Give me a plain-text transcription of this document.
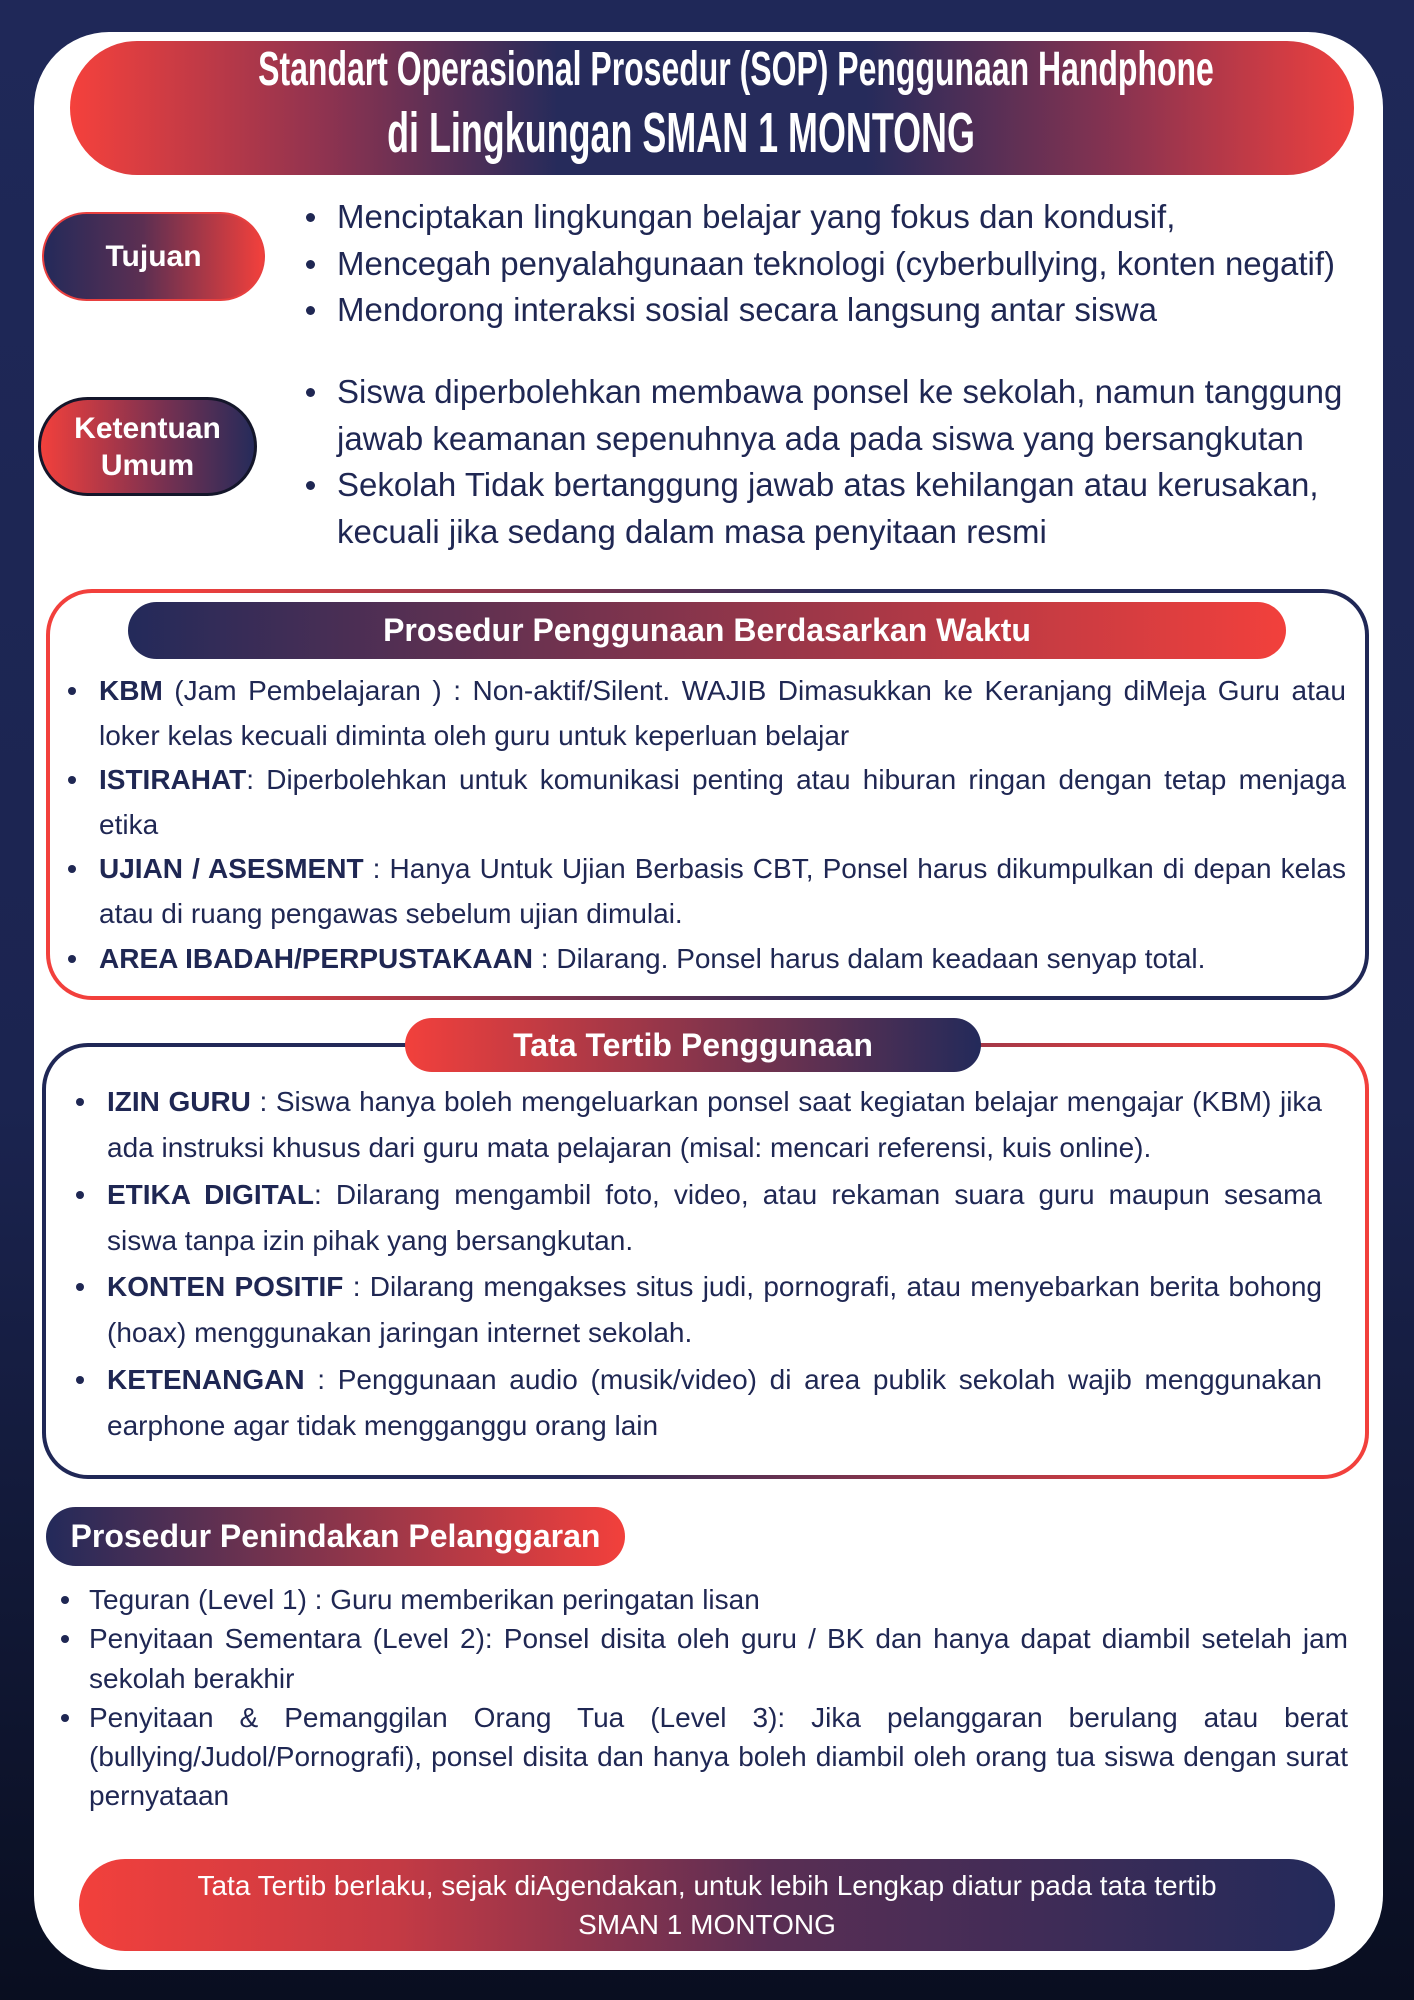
Standart Operasional Prosedur (SOP) Penggunaan Handphone
di Lingkungan SMAN 1 MONTONG
Tujuan
Menciptakan lingkungan belajar yang fokus dan kondusif,
Mencegah penyalahgunaan teknologi (cyberbullying, konten negatif)
Mendorong interaksi sosial secara langsung antar siswa
Ketentuan Umum
Siswa diperbolehkan membawa ponsel ke sekolah, namun tanggung jawab keamanan sepenuhnya ada pada siswa yang bersangkutan
Sekolah Tidak bertanggung jawab atas kehilangan atau kerusakan, kecuali jika sedang dalam masa penyitaan resmi
Prosedur Penggunaan Berdasarkan Waktu
KBM (Jam Pembelajaran ) : Non-aktif/Silent. WAJIB Dimasukkan ke Keranjang diMeja Guru atau loker kelas kecuali diminta oleh guru untuk keperluan belajar
ISTIRAHAT: Diperbolehkan untuk komunikasi penting atau hiburan ringan dengan tetap menjaga etika
UJIAN / ASESMENT : Hanya Untuk Ujian Berbasis CBT, Ponsel harus dikumpulkan di depan kelas atau di ruang pengawas sebelum ujian dimulai.
AREA IBADAH/PERPUSTAKAAN : Dilarang. Ponsel harus dalam keadaan senyap total.
Tata Tertib Penggunaan
IZIN GURU : Siswa hanya boleh mengeluarkan ponsel saat kegiatan belajar mengajar (KBM) jika ada instruksi khusus dari guru mata pelajaran (misal: mencari referensi, kuis online).
ETIKA DIGITAL: Dilarang mengambil foto, video, atau rekaman suara guru maupun sesama siswa tanpa izin pihak yang bersangkutan.
KONTEN POSITIF : Dilarang mengakses situs judi, pornografi, atau menyebarkan berita bohong (hoax) menggunakan jaringan internet sekolah.
KETENANGAN : Penggunaan audio (musik/video) di area publik sekolah wajib menggunakan earphone agar tidak mengganggu orang lain
Prosedur Penindakan Pelanggaran
Teguran (Level 1) : Guru memberikan peringatan lisan
Penyitaan Sementara (Level 2): Ponsel disita oleh guru / BK dan hanya dapat diambil setelah jam sekolah berakhir
Penyitaan & Pemanggilan Orang Tua (Level 3): Jika pelanggaran berulang atau berat (bullying/Judol/Pornografi), ponsel disita dan hanya boleh diambil oleh orang tua siswa dengan surat pernyataan
Tata Tertib berlaku, sejak diAgendakan, untuk lebih Lengkap diatur pada tata tertib
SMAN 1 MONTONG
